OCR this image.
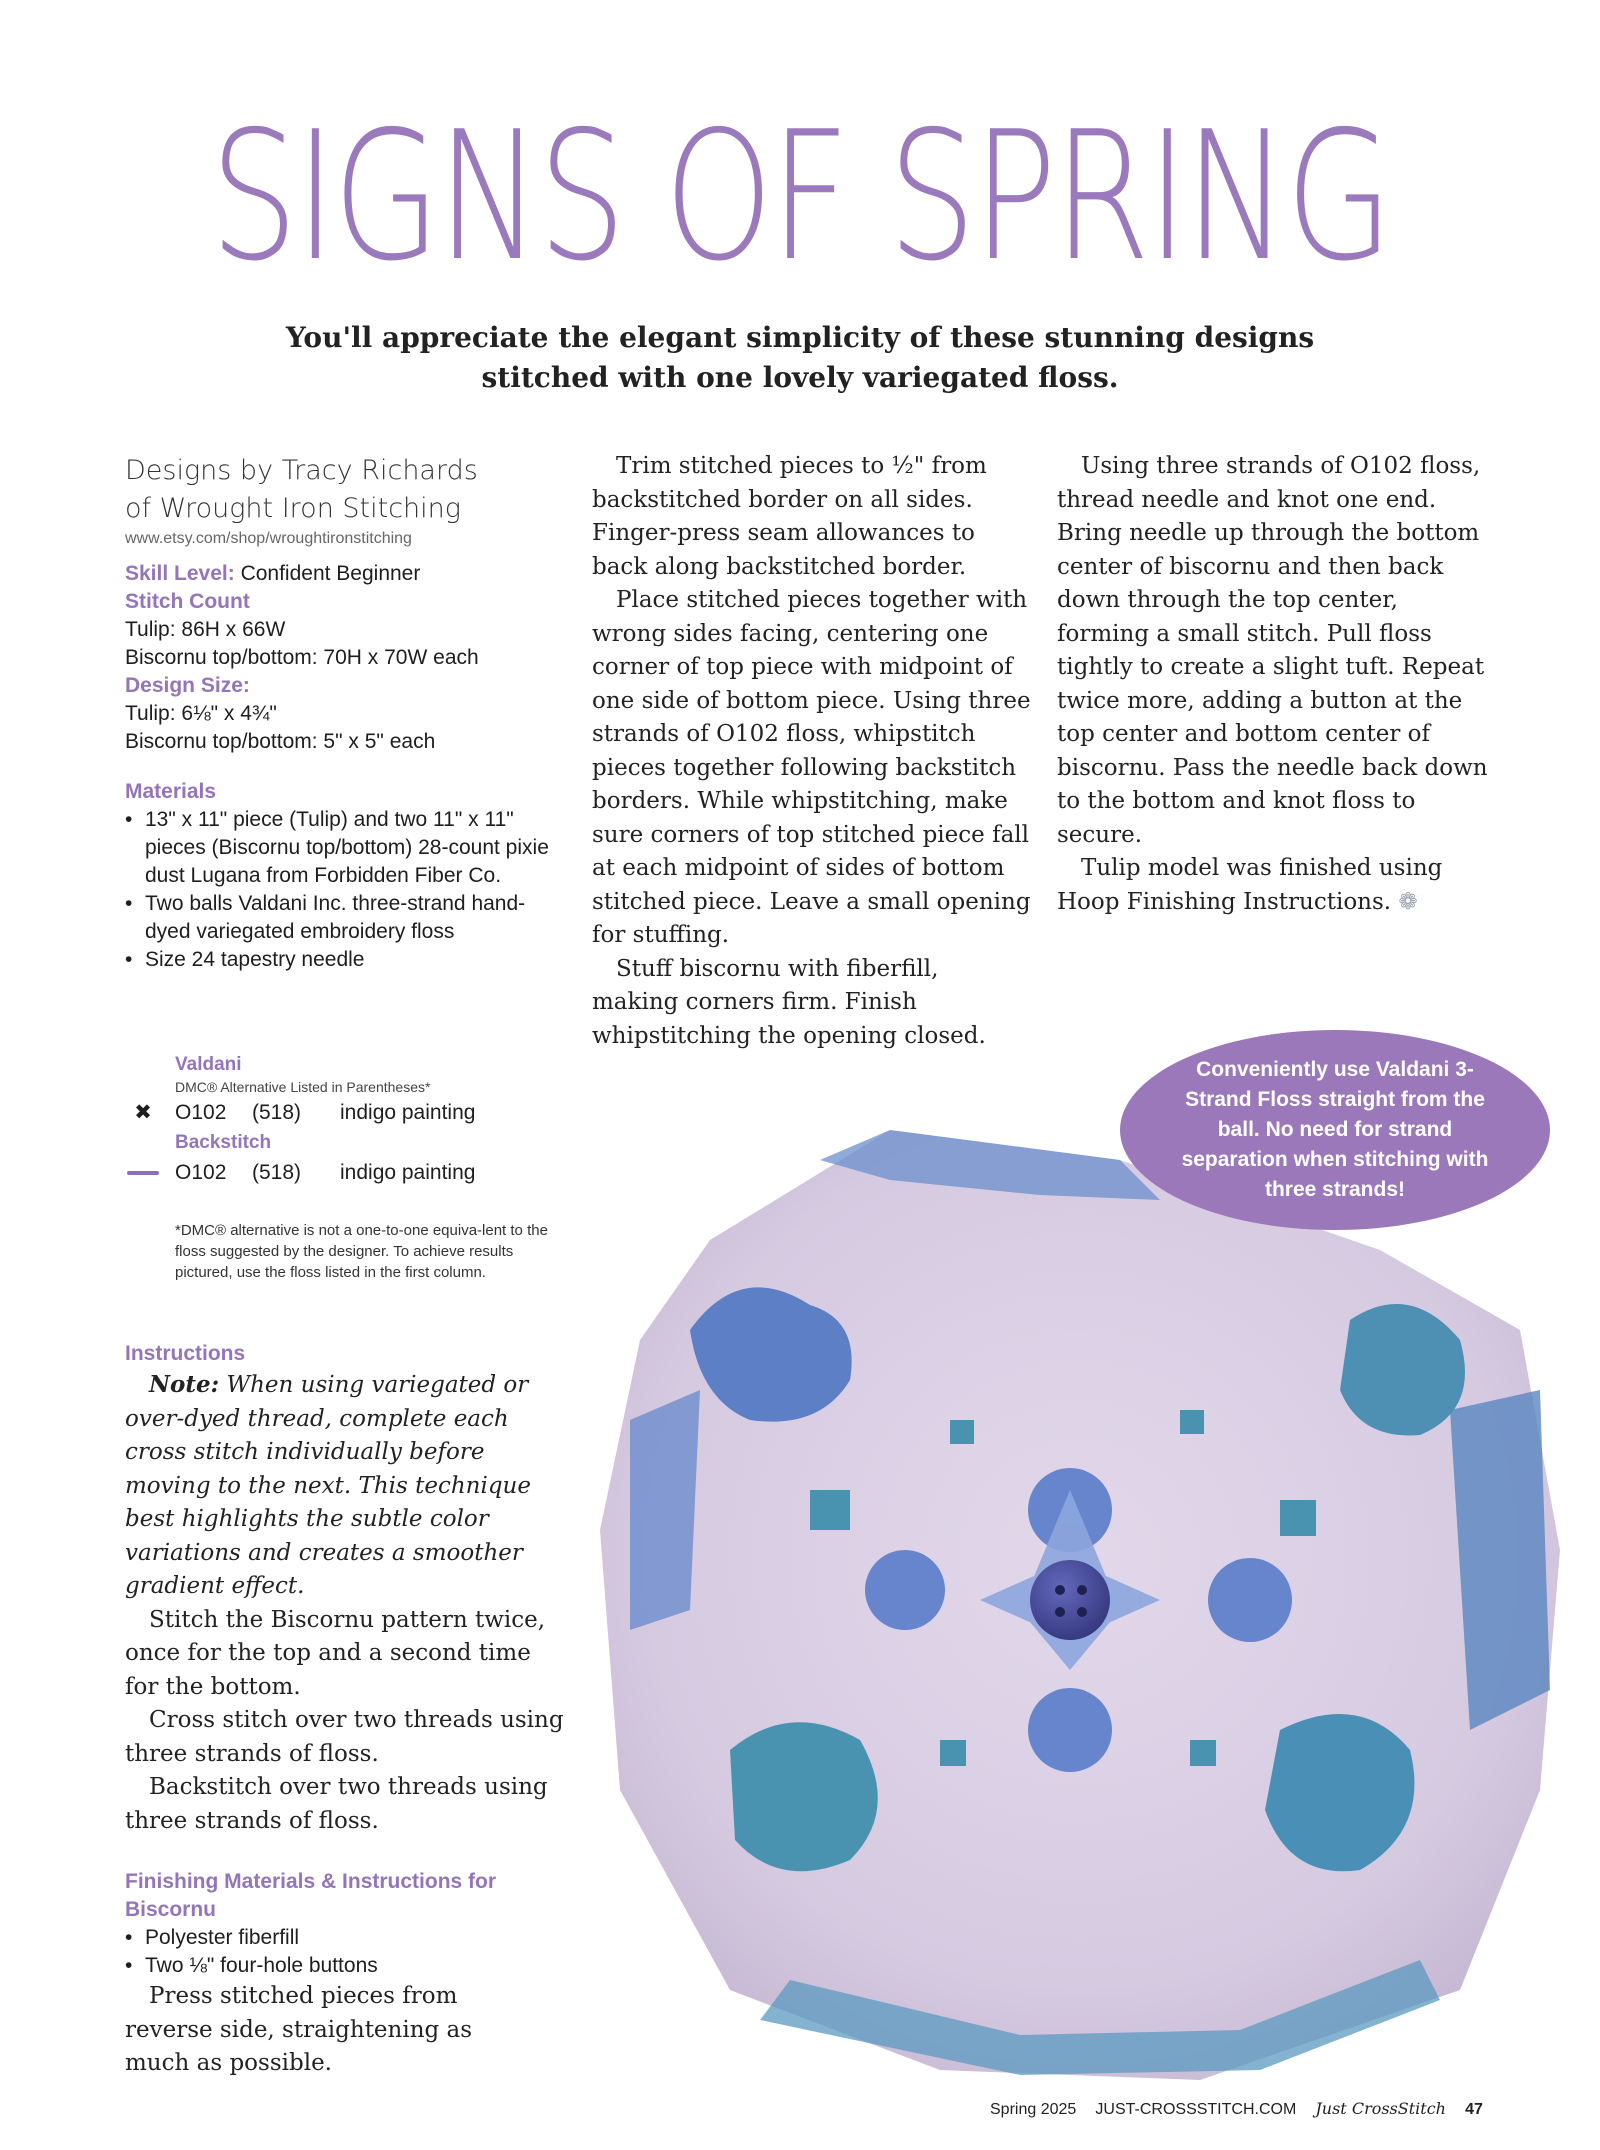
SIGNS OF SPRING
You'll appreciate the elegant simplicity of these stunning designs
stitched with one lovely variegated floss.
Designs by Tracy Richards
of Wrought Iron Stitching
www.etsy.com/shop/wroughtironstitching
Skill Level: Confident Beginner
Stitch Count
Tulip: 86H x 66W
Biscornu top/bottom: 70H x 70W each
Design Size:
Tulip: 6⅛" x 4¾"
Biscornu top/bottom: 5" x 5" each
Materials
• 13" x 11" piece (Tulip) and two 11" x 11" pieces (Biscornu top/bottom) 28-count pixie dust Lugana from Forbidden Fiber Co.
• Two balls Valdani Inc. three-strand hand-dyed variegated embroidery floss
• Size 24 tapestry needle
Valdani
DMC® Alternative Listed in Parentheses*
✖	O102 (518) indigo painting
Backstitch
O102 (518) indigo painting
*DMC® alternative is not a one-to-one equiva-lent to the floss suggested by the designer. To achieve results pictured, use the floss listed in the first column.
Instructions

Note: When using variegated or over-dyed thread, complete each cross stitch individually before moving to the next. This technique best highlights the subtle color variations and creates a smoother gradient effect.

Stitch the Biscornu pattern twice, once for the top and a second time for the bottom.

Cross stitch over two threads using three strands of floss.

Backstitch over two threads using three strands of floss.

Finishing Materials & Instructions for Biscornu
• Polyester fiberfill
• Two ⅛" four-hole buttons

Press stitched pieces from reverse side, straightening as much as possible.

Trim stitched pieces to ½" from backstitched border on all sides. Finger-press seam allowances to back along backstitched border.

Place stitched pieces together with wrong sides facing, centering one corner of top piece with midpoint of one side of bottom piece. Using three strands of O102 floss, whipstitch pieces together following backstitch borders. While whipstitching, make sure corners of top stitched piece fall at each midpoint of sides of bottom stitched piece. Leave a small opening for stuffing.

Stuff biscornu with fiberfill, making corners firm. Finish whipstitching the opening closed.

Using three strands of O102 floss, thread needle and knot one end. Bring needle up through the bottom center of biscornu and then back down through the top center, forming a small stitch. Pull floss tightly to create a slight tuft. Repeat twice more, adding a button at the top center and bottom center of biscornu. Pass the needle back down to the bottom and knot floss to secure.

Tulip model was finished using Hoop Finishing Instructions. ❁

Conveniently use Valdani 3-Strand Floss straight from the ball. No need for strand separation when stitching with three strands!
Spring 2025 JUST-CROSSSTITCH.COM Just CrossStitch 47
